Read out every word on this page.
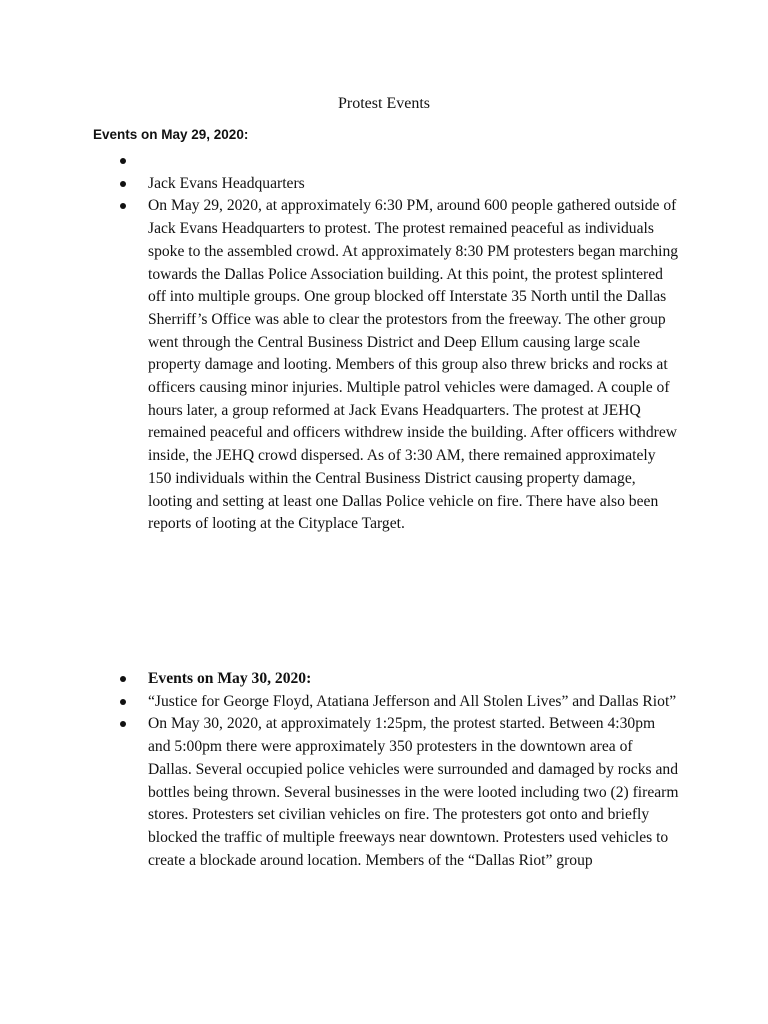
Protest Events
Events on May 29, 2020:
Jack Evans Headquarters
On May 29, 2020, at approximately 6:30 PM, around 600 people gathered outside of Jack Evans Headquarters to protest. The protest remained peaceful as individuals spoke to the assembled crowd. At approximately 8:30 PM protesters began marching towards the Dallas Police Association building. At this point, the protest splintered off into multiple groups. One group blocked off Interstate 35 North until the Dallas Sherriff’s Office was able to clear the protestors from the freeway. The other group went through the Central Business District and Deep Ellum causing large scale property damage and looting. Members of this group also threw bricks and rocks at officers causing minor injuries. Multiple patrol vehicles were damaged. A couple of hours later, a group reformed at Jack Evans Headquarters. The protest at JEHQ remained peaceful and officers withdrew inside the building. After officers withdrew inside, the JEHQ crowd dispersed. As of 3:30 AM, there remained approximately 150 individuals within the Central Business District causing property damage, looting and setting at least one Dallas Police vehicle on fire. There have also been reports of looting at the Cityplace Target.
Events on May 30, 2020:
“Justice for George Floyd, Atatiana Jefferson and All Stolen Lives” and Dallas Riot”
On May 30, 2020, at approximately 1:25pm, the protest started. Between 4:30pm and 5:00pm there were approximately 350 protesters in the downtown area of Dallas. Several occupied police vehicles were surrounded and damaged by rocks and bottles being thrown. Several businesses in the were looted including two (2) firearm stores. Protesters set civilian vehicles on fire. The protesters got onto and briefly blocked the traffic of multiple freeways near downtown. Protesters used vehicles to create a blockade around location. Members of the “Dallas Riot” group
